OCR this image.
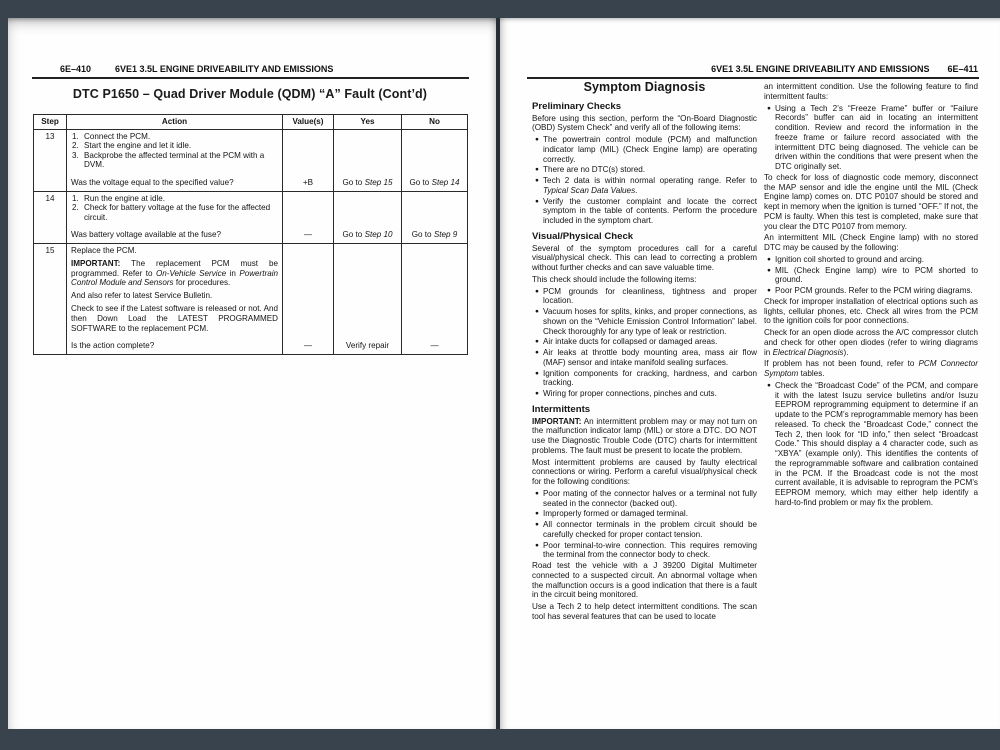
6E–410	6VE1 3.5L ENGINE DRIVEABILITY AND EMISSIONS
DTC P1650 – Quad Driver Module (QDM) “A” Fault (Cont’d)
Step	Action	Value(s)	Yes	No
13	1. Connect the PCM.
2. Start the engine and let it idle.
3. Backprobe the affected terminal at the PCM with a DVM.
Was the voltage equal to the specified value?	+B	Go to Step 15	Go to Step 14
14	1. Run the engine at idle.
2. Check for battery voltage at the fuse for the affected circuit.
Was battery voltage available at the fuse?	—	Go to Step 10	Go to Step 9
15	Replace the PCM.
IMPORTANT: The replacement PCM must be programmed. Refer to On-Vehicle Service in Powertrain Control Module and Sensors for procedures.
And also refer to latest Service Bulletin.
Check to see if the Latest software is released or not. And then Down Load the LATEST PROGRAMMED SOFTWARE to the replacement PCM.
Is the action complete?	—	Verify repair	—
6VE1 3.5L ENGINE DRIVEABILITY AND EMISSIONS 6E–411
Symptom Diagnosis
Preliminary Checks
Before using this section, perform the “On-Board Diagnostic (OBD) System Check” and verify all of the following items:
● The powertrain control module (PCM) and malfunction indicator lamp (MIL) (Check Engine lamp) are operating correctly.
● There are no DTC(s) stored.
● Tech 2 data is within normal operating range. Refer to Typical Scan Data Values.
● Verify the customer complaint and locate the correct symptom in the table of contents. Perform the procedure included in the symptom chart.
Visual/Physical Check
Several of the symptom procedures call for a careful visual/physical check. This can lead to correcting a problem without further checks and can save valuable time.
This check should include the following items:
● PCM grounds for cleanliness, tightness and proper location.
● Vacuum hoses for splits, kinks, and proper connections, as shown on the “Vehicle Emission Control Information” label. Check thoroughly for any type of leak or restriction.
● Air intake ducts for collapsed or damaged areas.
● Air leaks at throttle body mounting area, mass air flow (MAF) sensor and intake manifold sealing surfaces.
● Ignition components for cracking, hardness, and carbon tracking.
● Wiring for proper connections, pinches and cuts.
Intermittents
IMPORTANT: An intermittent problem may or may not turn on the malfunction indicator lamp (MIL) or store a DTC. DO NOT use the Diagnostic Trouble Code (DTC) charts for intermittent problems. The fault must be present to locate the problem.
Most intermittent problems are caused by faulty electrical connections or wiring. Perform a careful visual/physical check for the following conditions:
● Poor mating of the connector halves or a terminal not fully seated in the connector (backed out).
● Improperly formed or damaged terminal.
● All connector terminals in the problem circuit should be carefully checked for proper contact tension.
● Poor terminal-to-wire connection. This requires removing the terminal from the connector body to check.
Road test the vehicle with a J 39200 Digital Multimeter connected to a suspected circuit. An abnormal voltage when the malfunction occurs is a good indication that there is a fault in the circuit being monitored.
Use a Tech 2 to help detect intermittent conditions. The scan tool has several features that can be used to locate
an intermittent condition. Use the following feature to find intermittent faults:
● Using a Tech 2’s “Freeze Frame” buffer or “Failure Records” buffer can aid in locating an intermittent condition. Review and record the information in the freeze frame or failure record associated with the intermittent DTC being diagnosed. The vehicle can be driven within the conditions that were present when the DTC originally set.
To check for loss of diagnostic code memory, disconnect the MAP sensor and idle the engine until the MIL (Check Engine lamp) comes on. DTC P0107 should be stored and kept in memory when the ignition is turned “OFF.” If not, the PCM is faulty. When this test is completed, make sure that you clear the DTC P0107 from memory.
An intermittent MIL (Check Engine lamp) with no stored DTC may be caused by the following:
● Ignition coil shorted to ground and arcing.
● MIL (Check Engine lamp) wire to PCM shorted to ground.
● Poor PCM grounds. Refer to the PCM wiring diagrams.
Check for improper installation of electrical options such as lights, cellular phones, etc. Check all wires from the PCM to the ignition coils for poor connections.
Check for an open diode across the A/C compressor clutch and check for other open diodes (refer to wiring diagrams in Electrical Diagnosis).
If problem has not been found, refer to PCM Connector Symptom tables.
● Check the “Broadcast Code” of the PCM, and compare it with the latest Isuzu service bulletins and/or Isuzu EEPROM reprogramming equipment to determine if an update to the PCM’s reprogrammable memory has been released. To check the “Broadcast Code,” connect the Tech 2, then look for “ID info,” then select “Broadcast Code.” This should display a 4 character code, such as “XBYA” (example only). This identifies the contents of the reprogrammable software and calibration contained in the PCM. If the Broadcast code is not the most current available, it is advisable to reprogram the PCM’s EEPROM memory, which may either help identify a hard-to-find problem or may fix the problem.
